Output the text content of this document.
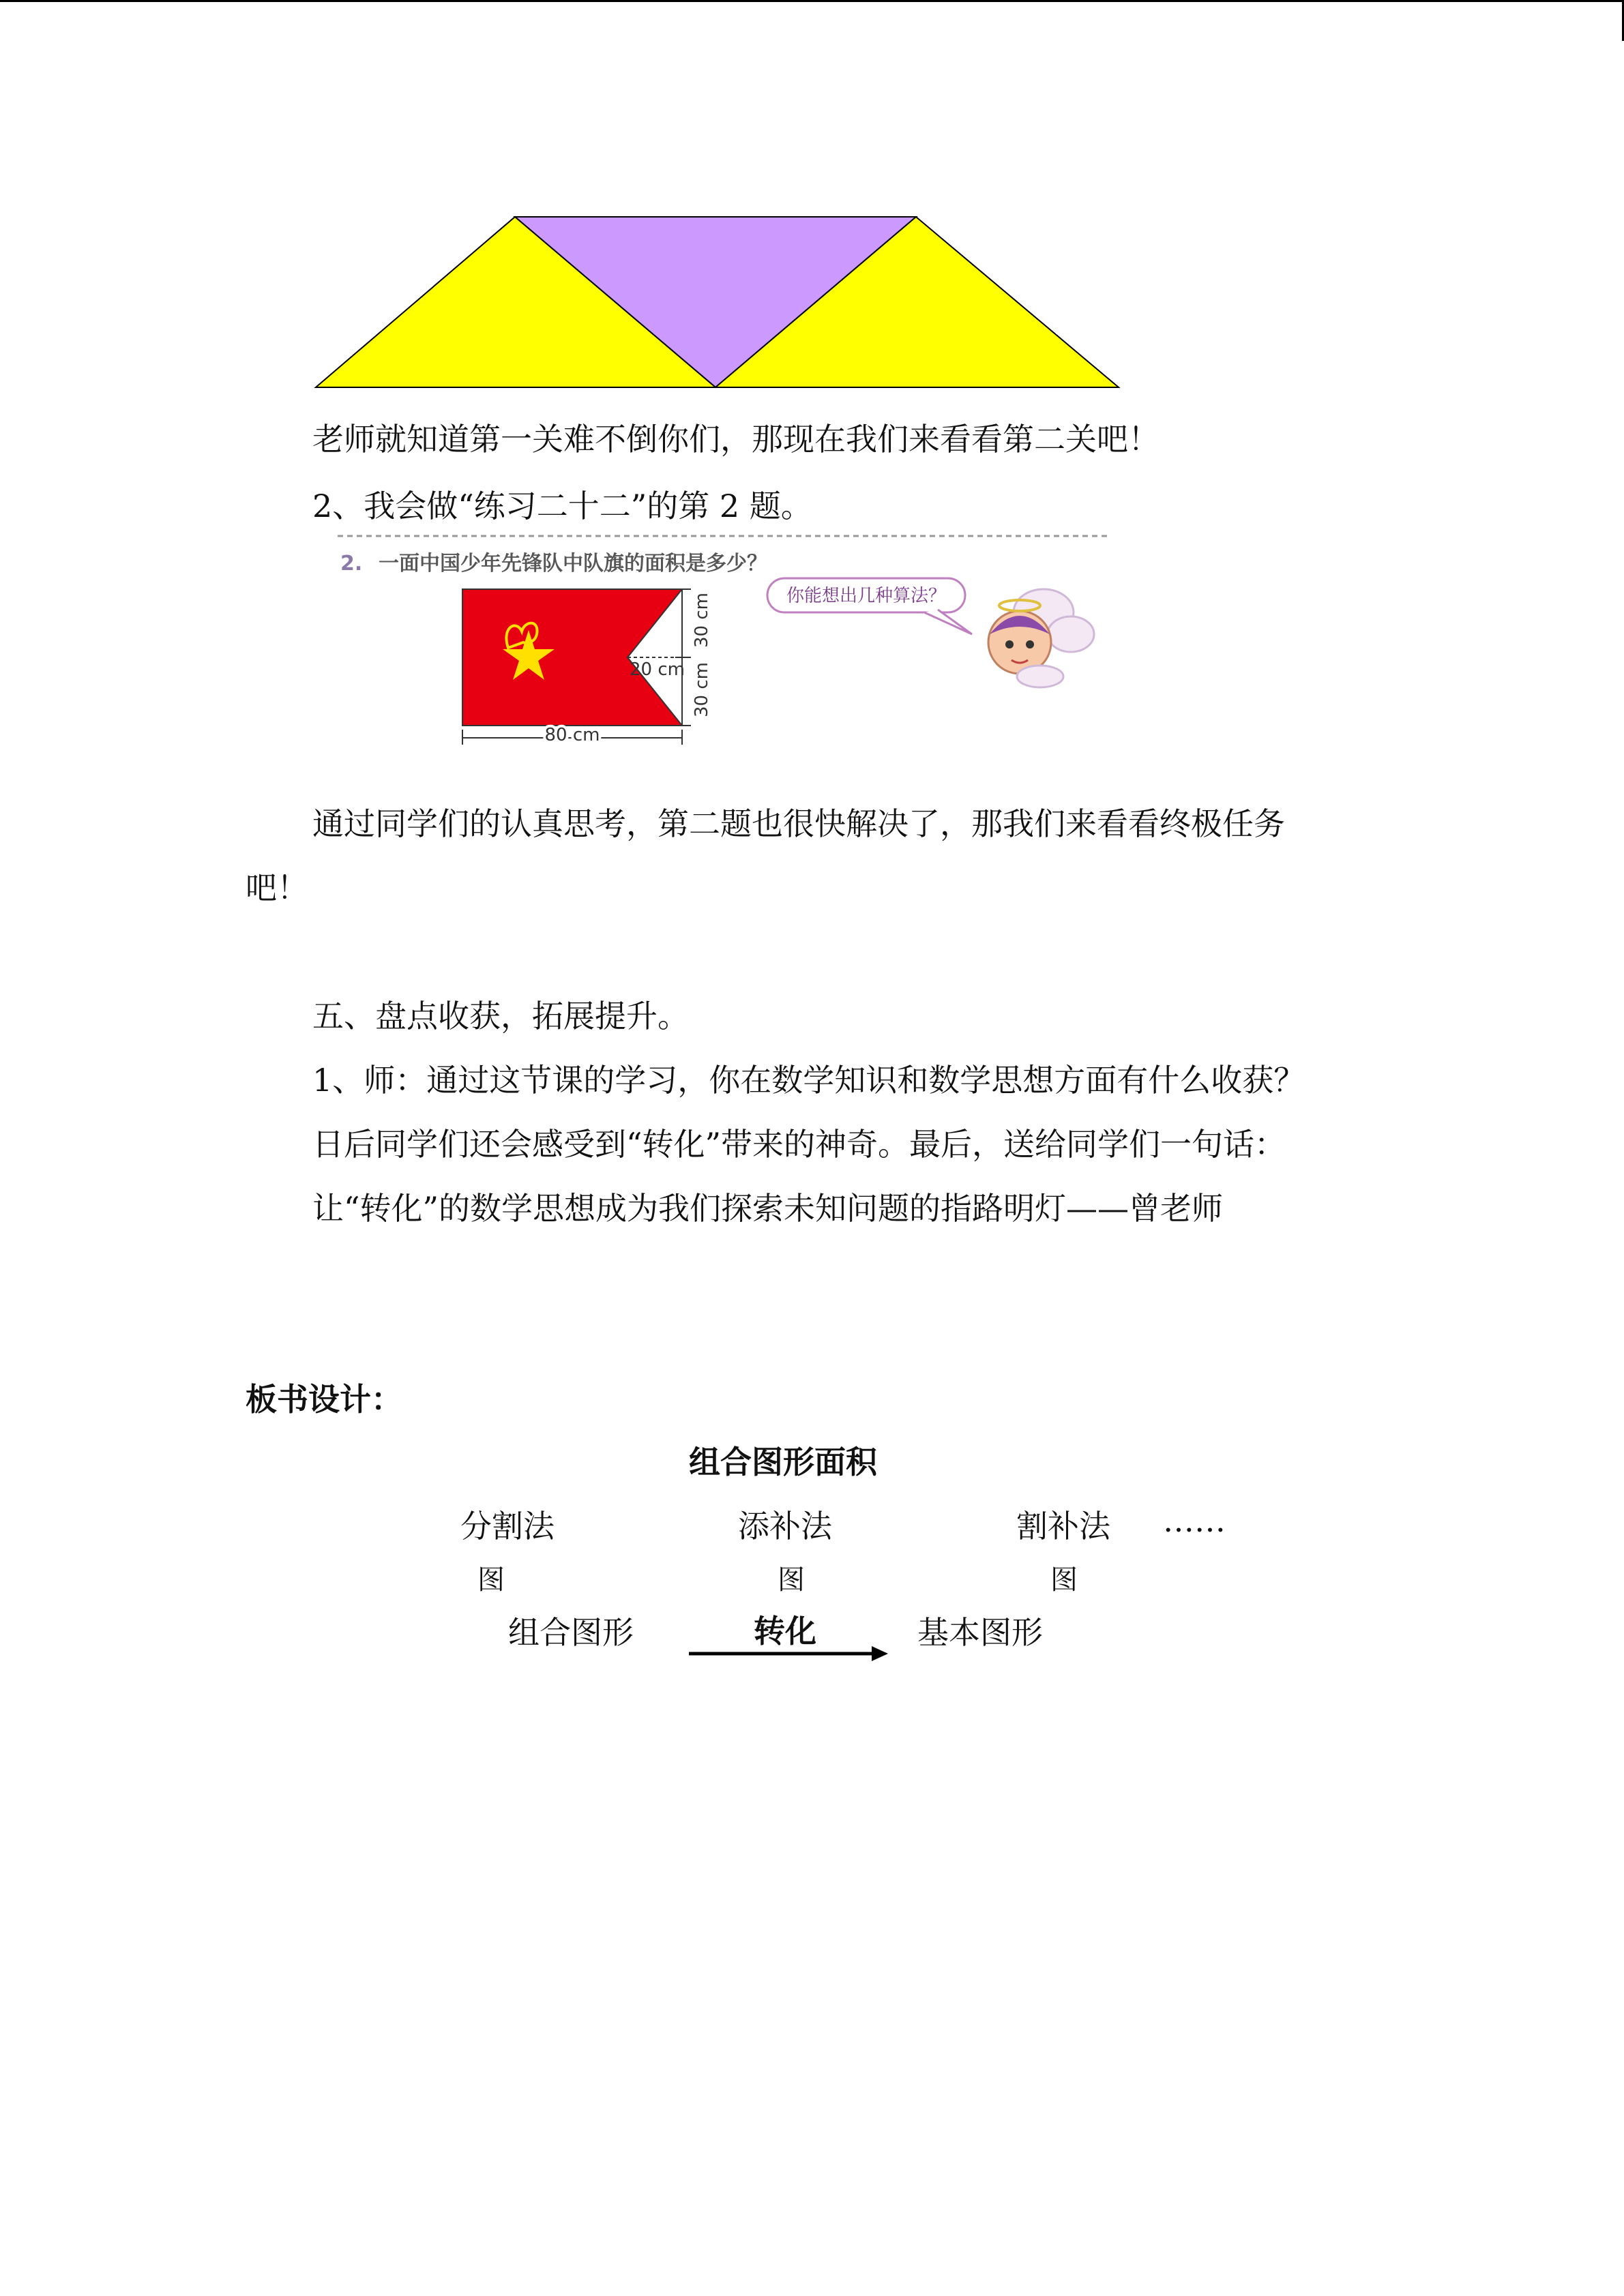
老师就知道第一关难不倒你们，那现在我们来看看第二关吧！
2、我会做“练习二十二”的第 2 题。
2. 一面中国少年先锋队中队旗的面积是多少？
80 cm
20 cm
30 cm
30 cm
你能想出几种算法？
通过同学们的认真思考，第二题也很快解决了，那我们来看看终极任务
吧！
五、盘点收获，拓展提升。
1、师：通过这节课的学习，你在数学知识和数学思想方面有什么收获？
日后同学们还会感受到“转化”带来的神奇。最后，送给同学们一句话：
让“转化”的数学思想成为我们探索未知问题的指路明灯——曾老师
板书设计：
组合图形面积
分割法	添补法	割补法 ……
图	图	图
组合图形	转化	基本图形
